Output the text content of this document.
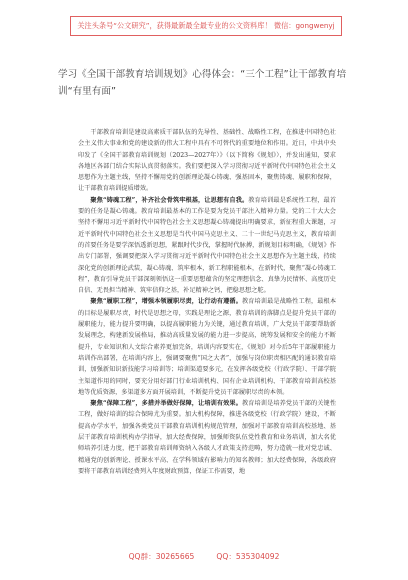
关注头条号“公文研究”，获得最新最全最专业的公文资料库！ 微信：gongwenyj
学习《全国干部教育培训规划》心得体会：“三个工程”让干部教育培训“有里有面”

干部教育培训是建设高素质干部队伍的先导性、基础性、战略性工程，在推进中国特色社会主义伟大事业和党的建设新的伟大工程中具有不可替代的重要地位和作用。近日，中共中央印发了《全国干部教育培训规划（2023—2027年）》（以下简称《规划》），并发出通知，要求各地区各部门结合实际认真贯彻落实。我们要把深入学习贯彻习近平新时代中国特色社会主义思想作为主题主线，坚持不懈用党的创新理论凝心铸魂、强基固本，聚焦铸魂、履职和保障，让干部教育培训提质增效。

聚焦“铸魂工程”，补齐社会骨筑牢根基，让思想有自我。教育培训最是系统性工程，最首要的任务是凝心铸魂。教育培训最基本的工作是要为党员干部注入精神力量。党的二十大大会坚持不懈用习近平新时代中国特色社会主义思想凝心铸魂提出明确要求，新征程重大课题，习近平新时代中国特色社会主义思想是当代中国马克思主义、二十一世纪马克思主义，教育培训的首要任务是要学深悟透新思想，紧跟时代步伐，掌握时代脉搏，新规划目标明确，《规划》作出专门部署，强调要把深入学习贯彻习近平新时代中国特色社会主义思想作为主题主线，持续深化党的创新理论武装，凝心铸魂、筑牢根本，新工程职能根本，在新时代，聚焦“凝心铸魂工程”，教育引导党员干部深刻领悟这一重要思想蕴含的坚定理想信念、真挚为民情怀、高度历史自信、无畏担当精神、筑牢信仰之基，补足精神之钙，把稳思想之舵。

聚焦“履职工程”，增强本领履职尽责，让行动有遵循。教育培训最是战略性工程，最根本的目标是履职尽责，时代是思想之母，实践是理论之源，教育培训的落脚点是提升党员干部的履职能力，能力提升要明确，以提高履职能力为关键，通过教育培训，广大党员干部要帮助新发展理念，构建新发展格局，推动高质量发展的能力进一步提高，统筹发展和安全的能力不断提升，专业知识和人文综合素养更加完备，培训内容要实在，《规划》对今后5年干部履职能力培训作出部署，在培训内容上，强调要聚焦“国之大者”，加强与岗位职责相匹配的通识教育培训，加强新知识新技能学习培训等；培训渠道要多元，在发挥各级党校（行政学院）、干部学院主渠道作用的同时，要充分用好部门行业培训机构、国有企业培训机构、干部教育培训高校基地等优质资源，多渠道多方面开展培训，不断提升党员干部履职尽责的本领。

聚焦“保障工程”，多措并举做好保障，让培训有效果。教育培训是培养党员干部的关键性工程，做好培训的综合保障尤为重要。加大机构保障，推进各级党校（行政学院）建设，不断提高办学水平，加强各类党员干部教育培训机构规范管理，加强对干部教育培训高校基地、基层干部教育培训机构办学指导，加大经费保障，加强师资队伍党性教育和业务培训，加大名优师培养引进力度，把干部教育培训师资纳入各级人才政策支持范畴，努力造就一批对党忠诚、精通党的创新理论、授课水平高、在学科领域有影响力的知名教师；加大经费保障，各级政府要将干部教育培训经费列入年度财政预算，保证工作需要，地

QQ群：30265665	QQ：535304092
